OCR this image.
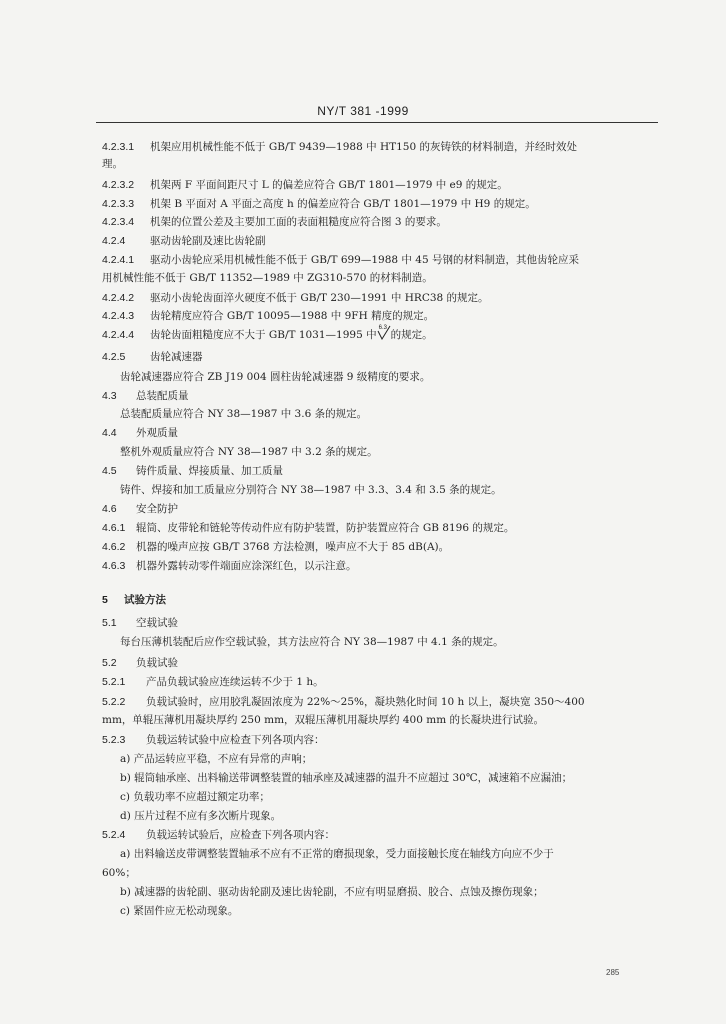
NY/T 381 -1999
4.2.3.1 机架应用机械性能不低于 GB/T 9439—1988 中 HT150 的灰铸铁的材料制造，并经时效处
理。
4.2.3.2 机架两 F 平面间距尺寸 L 的偏差应符合 GB/T 1801—1979 中 e9 的规定。
4.2.3.3 机架 B 平面对 A 平面之高度 h 的偏差应符合 GB/T 1801—1979 中 H9 的规定。
4.2.3.4 机架的位置公差及主要加工面的表面粗糙度应符合图 3 的要求。
4.2.4 驱动齿轮副及速比齿轮副
4.2.4.1 驱动小齿轮应采用机械性能不低于 GB/T 699—1988 中 45 号钢的材料制造，其他齿轮应采
用机械性能不低于 GB/T 11352—1989 中 ZG310-570 的材料制造。
4.2.4.2 驱动小齿轮齿面淬火硬度不低于 GB/T 230—1991 中 HRC38 的规定。
4.2.4.3 齿轮精度应符合 GB/T 10095—1988 中 9FH 精度的规定。
4.2.4.4 齿轮齿面粗糙度应不大于 GB/T 1031—1995 中
6.3
的规定。
4.2.5 齿轮减速器
齿轮减速器应符合 ZB J19 004 圆柱齿轮减速器 9 级精度的要求。
4.3 总装配质量
总装配质量应符合 NY 38—1987 中 3.6 条的规定。
4.4 外观质量
整机外观质量应符合 NY 38—1987 中 3.2 条的规定。
4.5 铸件质量、焊接质量、加工质量
铸件、焊接和加工质量应分别符合 NY 38—1987 中 3.3、3.4 和 3.5 条的规定。
4.6 安全防护
4.6.1 辊筒、皮带轮和链轮等传动件应有防护装置，防护装置应符合 GB 8196 的规定。
4.6.2 机器的噪声应按 GB/T 3768 方法检测，噪声应不大于 85 dB(A)。
4.6.3 机器外露转动零件端面应涂深红色，以示注意。
5 试验方法
5.1 空载试验
每台压薄机装配后应作空载试验，其方法应符合 NY 38—1987 中 4.1 条的规定。
5.2 负载试验
5.2.1 产品负载试验应连续运转不少于 1 h。
5.2.2 负载试验时，应用胶乳凝固浓度为 22%～25%，凝块熟化时间 10 h 以上，凝块宽 350～400
mm，单辊压薄机用凝块厚约 250 mm，双辊压薄机用凝块厚约 400 mm 的长凝块进行试验。
5.2.3 负载运转试验中应检查下列各项内容：
a) 产品运转应平稳，不应有异常的声响；
b) 辊筒轴承座、出料输送带调整装置的轴承座及减速器的温升不应超过 30℃，减速箱不应漏油；
c) 负载功率不应超过额定功率；
d) 压片过程不应有多次断片现象。
5.2.4 负载运转试验后，应检查下列各项内容：
a) 出料输送皮带调整装置轴承不应有不正常的磨损现象，受力面接触长度在轴线方向应不少于
60%；
b) 减速器的齿轮副、驱动齿轮副及速比齿轮副，不应有明显磨损、胶合、点蚀及擦伤现象；
c) 紧固件应无松动现象。
285
